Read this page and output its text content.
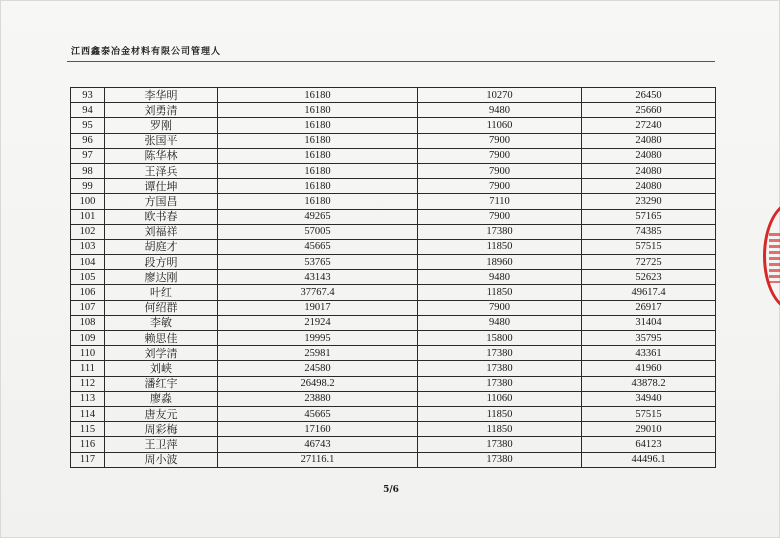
江西鑫泰冶金材料有限公司管理人
93	李华明	16180	10270	26450
94	刘勇清	16180	9480	25660
95	罗刚	16180	11060	27240
96	张国平	16180	7900	24080
97	陈华林	16180	7900	24080
98	王泽兵	16180	7900	24080
99	谭仕坤	16180	7900	24080
100	方国昌	16180	7110	23290
101	欧书春	49265	7900	57165
102	刘福祥	57005	17380	74385
103	胡庭才	45665	11850	57515
104	段方明	53765	18960	72725
105	廖达刚	43143	9480	52623
106	叶红	37767.4	11850	49617.4
107	何绍群	19017	7900	26917
108	李敏	21924	9480	31404
109	赖思佳	19995	15800	35795
110	刘学清	25981	17380	43361
111	刘峡	24580	17380	41960
112	潘红宇	26498.2	17380	43878.2
113	廖淼	23880	11060	34940
114	唐友元	45665	11850	57515
115	周彩梅	17160	11850	29010
116	王卫萍	46743	17380	64123
117	周小波	27116.1	17380	44496.1
5/6
